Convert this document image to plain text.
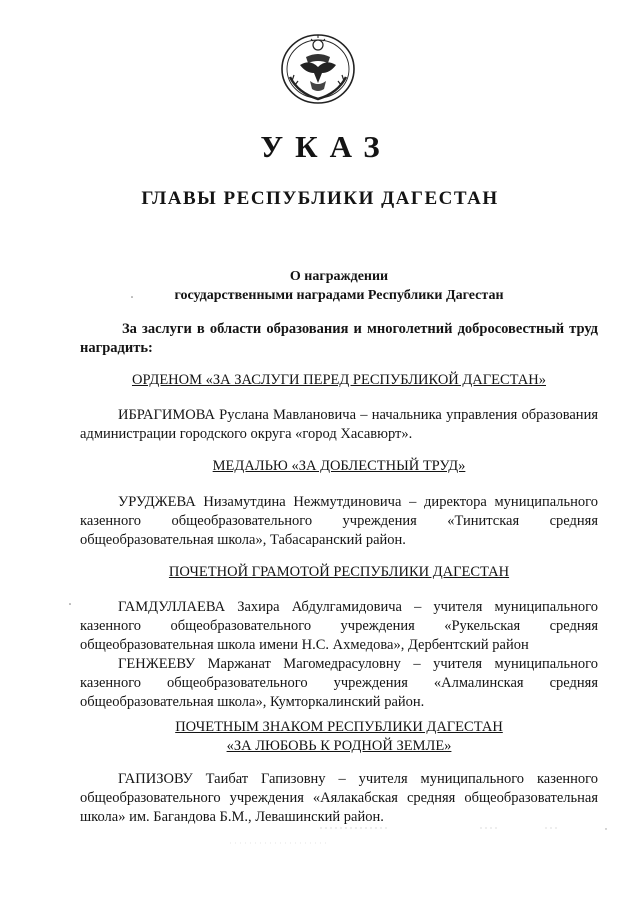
УКАЗ
ГЛАВЫ РЕСПУБЛИКИ ДАГЕСТАН
О награждении
государственными наградами Республики Дагестан
За заслуги в области образования и многолетний добросовестный труд наградить:
ОРДЕНОМ «ЗА ЗАСЛУГИ ПЕРЕД РЕСПУБЛИКОЙ ДАГЕСТАН»
ИБРАГИМОВА Руслана Мавлановича – начальника управления образования администрации городского округа «город Хасавюрт».
МЕДАЛЬЮ «ЗА ДОБЛЕСТНЫЙ ТРУД»
УРУДЖЕВА Низамутдина Нежмутдиновича – директора муниципального казенного общеобразовательного учреждения «Тинитская средняя общеобразовательная школа», Табасаранский район.
ПОЧЕТНОЙ ГРАМОТОЙ РЕСПУБЛИКИ ДАГЕСТАН
ГАМДУЛЛАЕВА Захира Абдулгамидовича – учителя муниципального казенного общеобразовательного учреждения «Рукельская средняя общеобразовательная школа имени Н.С. Ахмедова», Дербентский район
ГЕНЖЕЕВУ Маржанат Магомедрасуловну – учителя муниципального казенного общеобразовательного учреждения «Алмалинская средняя общеобразовательная школа», Кумторкалинский район.
ПОЧЕТНЫМ ЗНАКОМ РЕСПУБЛИКИ ДАГЕСТАН
«ЗА ЛЮБОВЬ К РОДНОЙ ЗЕМЛЕ»
ГАПИЗОВУ Таибат Гапизовну – учителя муниципального казенного общеобразовательного учреждения «Аялакабская средняя общеобразовательная школа» им. Багандова Б.М., Левашинский район.
